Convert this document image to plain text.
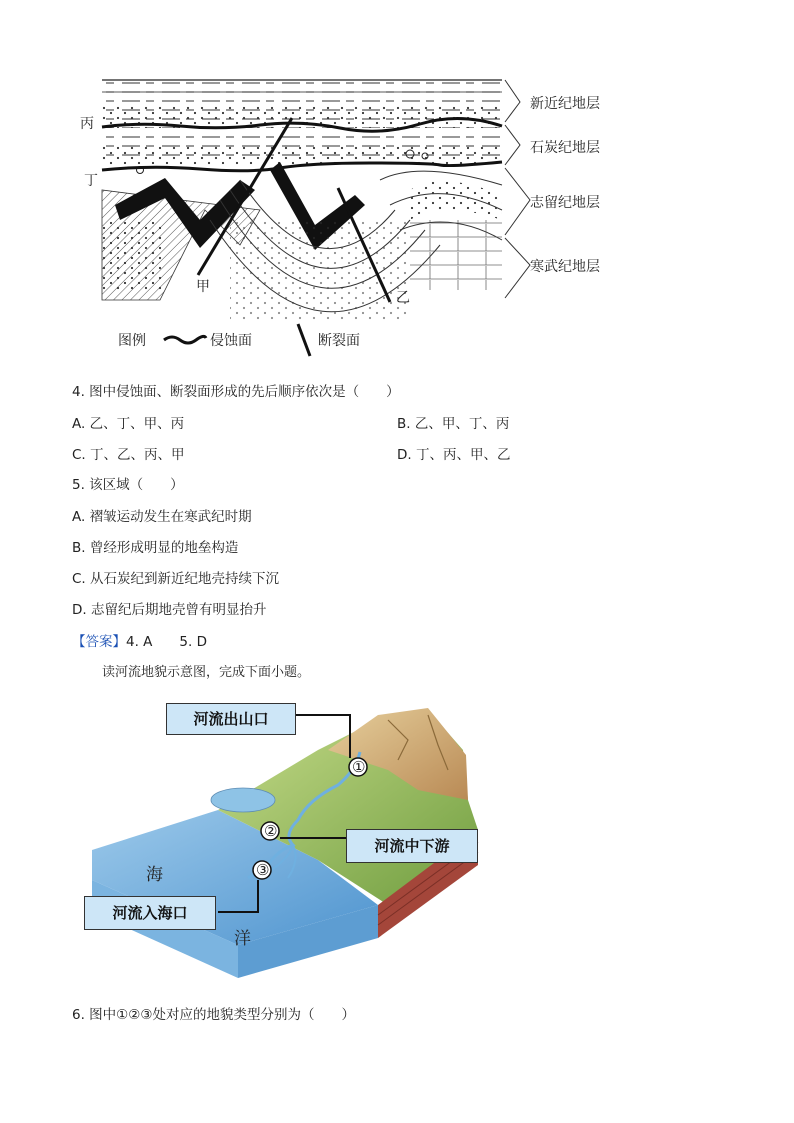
新近纪地层
石炭纪地层
志留纪地层
寒武纪地层
丙
丁
甲
乙
图例	侵蚀面	断裂面
4. 图中侵蚀面、断裂面形成的先后顺序依次是（　　）
A. 乙、丁、甲、丙	B. 乙、甲、丁、丙
C. 丁、乙、丙、甲	D. 丁、丙、甲、乙
5. 该区域（　　）
A. 褶皱运动发生在寒武纪时期
B. 曾经形成明显的地垒构造
C. 从石炭纪到新近纪地壳持续下沉
D. 志留纪后期地壳曾有明显抬升
【答案】4. A　　5. D
读河流地貌示意图，完成下面小题。
①
②
③
河流出山口
河流中下游
河流入海口
海
洋
6. 图中①②③处对应的地貌类型分别为（　　）
